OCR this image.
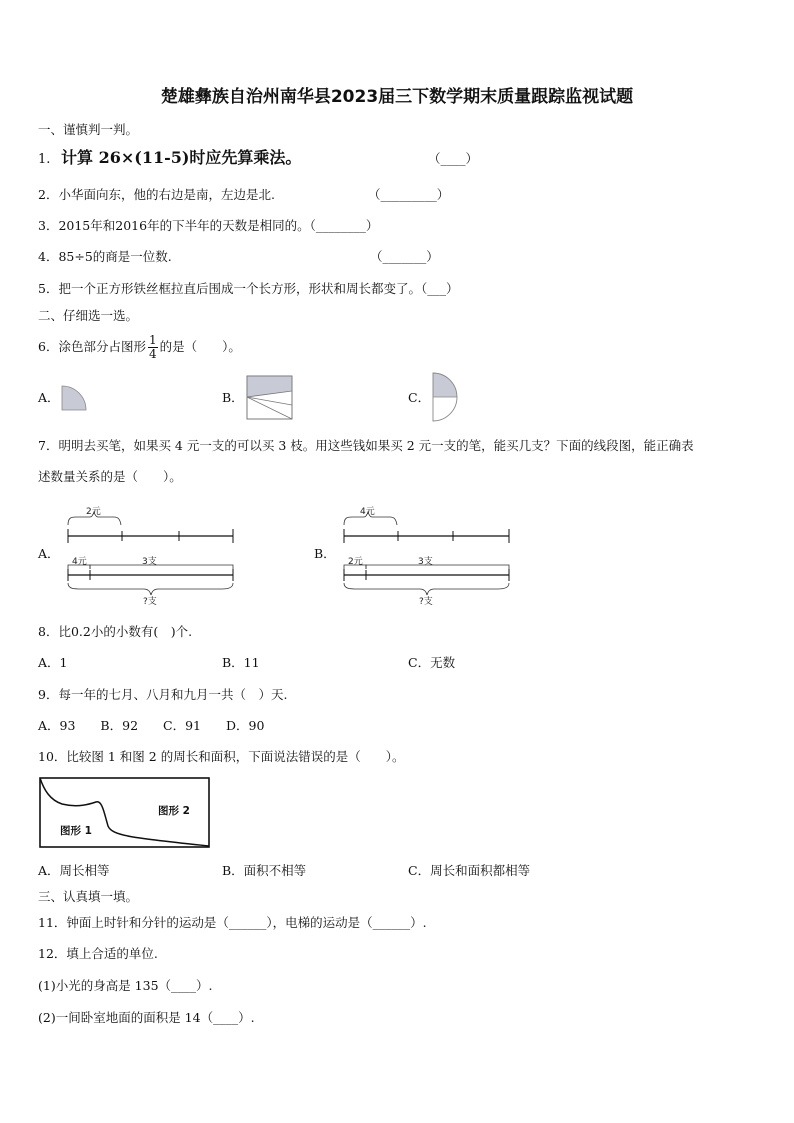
楚雄彝族自治州南华县2023届三下数学期末质量跟踪监视试题
一、谨慎判一判。
1. 计算 26×(11-5)时应先算乘法。	（____）
2．小华面向东，他的右边是南，左边是北.	（_________）
3．2015年和2016年的下半年的天数是相同的。（________）
4．85÷5的商是一位数.	（_______）
5．把一个正方形铁丝框拉直后围成一个长方形，形状和周长都变了。（___）
二、仔细选一选。
6．涂色部分占图形 $\frac{1}{4}$ 的是（　　）。
A．	B．	C．
7．明明去买笔，如果买 4 元一支的可以买 3 枝。用这些钱如果买 2 元一支的笔，能买几支？下面的线段图，能正确表
述数量关系的是（　　）。
A．
2元
4元	3支
?支
B．
4元
2元	3支
?支
8．比0.2小的小数有(　)个.
A．1	B．11	C．无数
9．每一年的七月、八月和九月一共（　）天.
A．93　　B．92　　C．91　　D．90
10．比较图 1 和图 2 的周长和面积，下面说法错误的是（　　）。
图形 2
图形 1
A．周长相等	B．面积不相等	C．周长和面积都相等
三、认真填一填。
11．钟面上时针和分针的运动是（______），电梯的运动是（______）.
12．填上合适的单位.
(1)小光的身高是 135（____）.
(2)一间卧室地面的面积是 14（____）.
